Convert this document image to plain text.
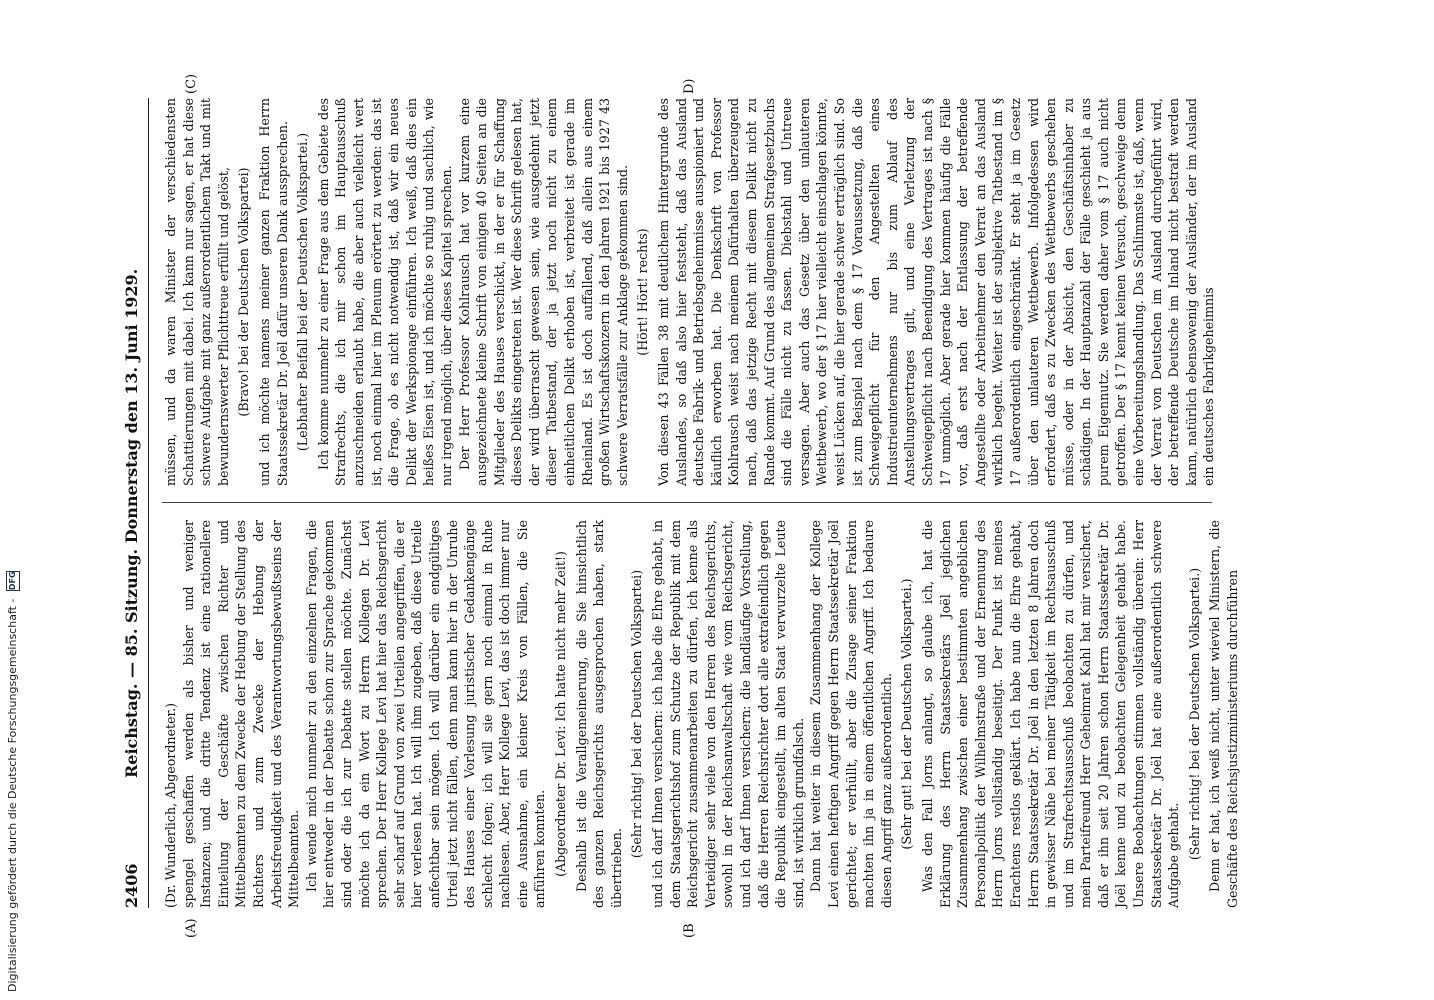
2406
Reichstag. — 85. Sitzung. Donnerstag den 13. Juni 1929.
(A)	(B
(C)	D)

(Dr. Wunderlich, Abgeordneter.) spengel geschaffen werden als bisher und weniger Instanzen; und die dritte Tendenz ist eine rationellere Einteilung der Geschäfte zwischen Richter und Mittelbeamten zu dem Zwecke der Hebung der Stellung des Richters und zum Zwecke der Hebung der Arbeitsfreudigkeit und des Verantwortungsbewußtseins der Mittelbeamten. Ich wende mich nunmehr zu den einzelnen Fragen, die hier entweder in der Debatte schon zur Sprache gekommen sind oder die ich zur Debatte stellen möchte. Zunächst möchte ich da ein Wort zu Herrn Kollegen Dr. Levi sprechen. Der Herr Kollege Levi hat hier das Reichsgericht sehr scharf auf Grund von zwei Urteilen angegriffen, die er hier verlesen hat. Ich will ihm zugeben, daß diese Urteile anfechtbar sein mögen. Ich will darüber ein endgültiges Urteil jetzt nicht fällen, denn man kann hier in der Unruhe des Hauses einer Vorlesung juristischer Gedankengänge schlecht folgen; ich will sie gern noch einmal in Ruhe nachlesen. Aber, Herr Kollege Levi, das ist doch immer nur eine Ausnahme, ein kleiner Kreis von Fällen, die Sie anführen konnten. (Abgeordneter Dr. Levi: Ich hatte nicht mehr Zeit!) Deshalb ist die Verallgemeinerung, die Sie hinsichtlich des ganzen Reichsgerichts ausgesprochen haben, stark übertrieben.

(Sehr richtig! bei der Deutschen Volkspartei) und ich darf Ihnen versichern: ich habe die Ehre gehabt, in dem Staatsgerichtshof zum Schutze der Republik mit dem Reichsgericht zusammenarbeiten zu dürfen, ich kenne als Verteidiger sehr viele von den Herren des Reichsgerichts, sowohl in der Reichsanwaltschaft wie vom Reichsgericht, und ich darf Ihnen versichern: die landläufige Vorstellung, daß die Herren Reichsrichter dort alle extrafeindlich gegen die Republik eingestellt, im alten Staat verwurzelte Leute sind, ist wirklich grundfalsch. Dann hat weiter in diesem Zusammenhang der Kollege Levi einen heftigen Angriff gegen Herrn Staatssekretär Joël gerichtet; er verhüllt, aber die Zusage seiner Fraktion machten ihn ja in einem öffentlichen Angriff. Ich bedaure diesen Angriff ganz außerordentlich. (Sehr gut! bei der Deutschen Volkspartei.) Was den Fall Jorns anlangt, so glaube ich, hat die Erklärung des Herrn Staatssekretärs Joël jeglichen Zusammenhang zwischen einer bestimmten angeblichen Personalpolitik der Wilhelmstraße und der Ernennung des Herrn Jorns vollständig beseitigt. Der Punkt ist meines Erachtens restlos geklärt. Ich habe nun die Ehre gehabt, Herrn Staatssekretär Dr. Joël in den letzten 8 Jahren doch in gewisser Nähe bei meiner Tätigkeit im Rechtsausschuß und im Strafrechtsausschuß beobachten zu dürfen, und mein Parteifreund Herr Geheimrat Kahl hat mir versichert, daß er ihn seit 20 Jahren schon Herrn Staatssekretär Dr. Joël kenne und zu beobachten Gelegenheit gehabt habe. Unsere Beobachtungen stimmen vollständig überein: Herr Staatssekretär Dr. Joël hat eine außerordentlich schwere Aufgabe gehabt. (Sehr richtig! bei der Deutschen Volkspartei.) Denn er hat, ich weiß nicht, unter wieviel Ministern, die Geschäfte des Reichsjustizministeriums durchführen

müssen, und da waren Minister der verschiedensten Schattierungen mit dabei. Ich kann nur sagen, er hat diese schwere Aufgabe mit ganz außerordentlichem Takt und mit bewundernswerter Pflichttreue erfüllt und gelöst, (Bravo! bei der Deutschen Volkspartei) und ich möchte namens meiner ganzen Fraktion Herrn Staatssekretär Dr. Joël dafür unseren Dank aussprechen. (Lebhafter Beifall bei der Deutschen Volkspartei.) Ich komme nunmehr zu einer Frage aus dem Gebiete des Strafrechts, die ich mir schon im Hauptausschuß anzuschneiden erlaubt habe, die aber auch vielleicht wert ist, noch einmal hier im Plenum erörtert zu werden: das ist die Frage, ob es nicht notwendig ist, daß wir ein neues Delikt der Werkspionage einführen. Ich weiß, daß dies ein heißes Eisen ist, und ich möchte so ruhig und sachlich, wie nur irgend möglich, über dieses Kapitel sprechen. Der Herr Professor Kohlrausch hat vor kurzem eine ausgezeichnete kleine Schrift von einigen 40 Seiten an die Mitglieder des Hauses verschickt, in der er für Schaffung dieses Delikts eingetreten ist. Wer diese Schrift gelesen hat, der wird überrascht gewesen sein, wie ausgedehnt jetzt dieser Tatbestand, der ja jetzt noch nicht zu einem einheitlichen Delikt erhoben ist, verbreitet ist gerade im Rheinland. Es ist doch auffallend, daß allein aus einem großen Wirtschaftskonzern in den Jahren 1921 bis 1927 43 schwere Verratsfälle zur Anklage gekommen sind. (Hört! Hört! rechts) Von diesen 43 Fällen 38 mit deutlichem Hintergrunde des Auslandes, so daß also hier feststeht, daß das Ausland deutsche Fabrik- und Betriebsgeheimnisse ausspioniert und käuflich erworben hat. Die Denkschrift von Professor Kohlrausch weist nach meinem Dafürhalten überzeugend nach, daß das jetzige Recht mit diesem Delikt nicht zu Rande kommt. Auf Grund des allgemeinen Strafgesetzbuchs sind die Fälle nicht zu fassen. Diebstahl und Untreue versagen. Aber auch das Gesetz über den unlauteren Wettbewerb, wo der § 17 hier vielleicht einschlagen könnte, weist Lücken auf, die hier gerade schwer erträglich sind. So ist zum Beispiel nach dem § 17 Voraussetzung, daß die Schweigepflicht für den Angestellten eines Industrieunternehmens nur bis zum Ablauf des Anstellungsvertrages gilt, und eine Verletzung der Schweigepflicht nach Beendigung des Vertrages ist nach § 17 unmöglich. Aber gerade hier kommen häufig die Fälle vor, daß erst nach der Entlassung der betreffende Angestellte oder Arbeitnehmer den Verrat an das Ausland wirklich begeht. Weiter ist der subjektive Tatbestand im § 17 außerordentlich eingeschränkt. Er steht ja im Gesetz über den unlauteren Wettbewerb. Infolgedessen wird erfordert, daß es zu Zwecken des Wettbewerbs geschehen müsse, oder in der Absicht, den Geschäftsinhaber zu schädigen. In der Hauptanzahl der Fälle geschieht ja aus purem Eigennutz. Sie werden daher vom § 17 auch nicht getroffen. Der § 17 kennt keinen Versuch, geschweige denn eine Vorbereitungshandlung. Das Schlimmste ist, daß, wenn der Verrat von Deutschen im Ausland durchgeführt wird, der betreffende Deutsche im Inland nicht bestraft werden kann, natürlich ebensowenig der Ausländer, der im Ausland ein deutsches Fabrikgeheimnis

Digitalisierung gefördert durch die Deutsche Forschungsgemeinschaft - DFG
